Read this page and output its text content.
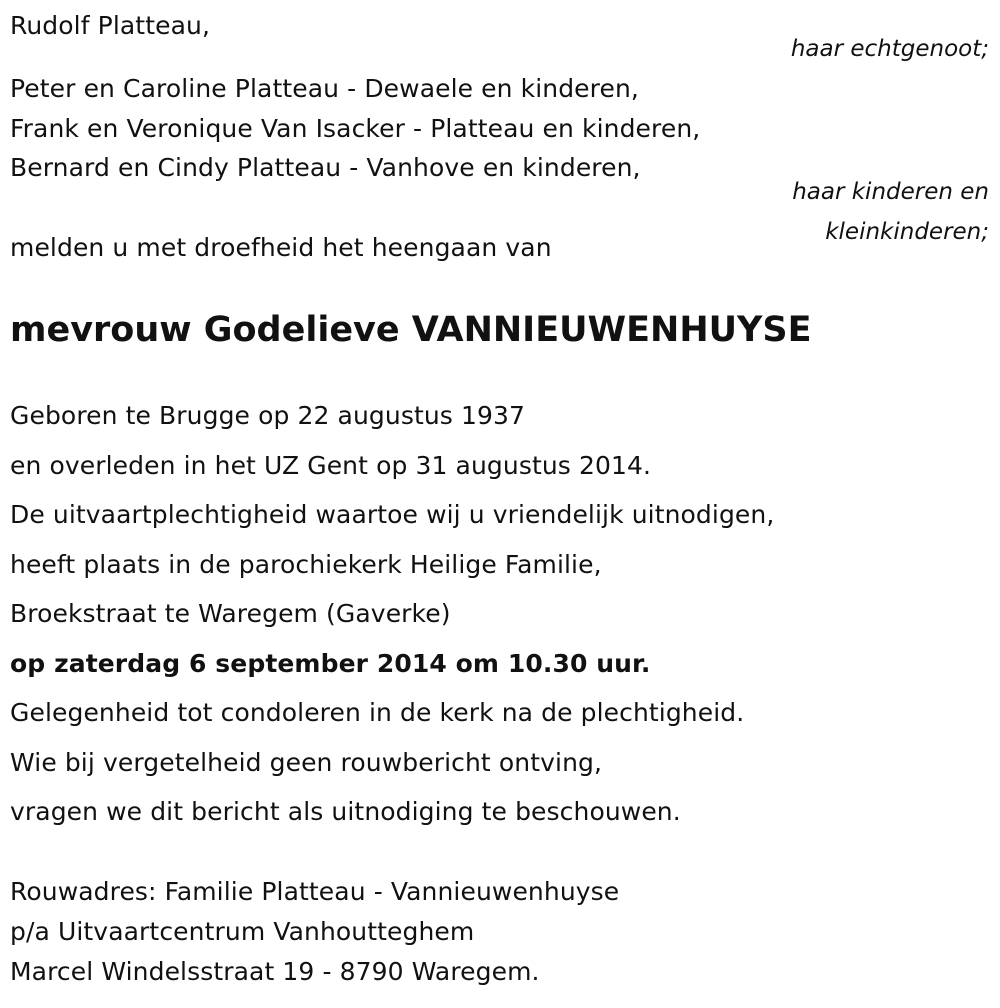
Rudolf Platteau,
haar echtgenoot;
Peter en Caroline Platteau - Dewaele en kinderen,
Frank en Veronique Van Isacker - Platteau en kinderen,
Bernard en Cindy Platteau - Vanhove en kinderen,
haar kinderen en
kleinkinderen;
melden u met droefheid het heengaan van
mevrouw Godelieve VANNIEUWENHUYSE
Geboren te Brugge op 22 augustus 1937
en overleden in het UZ Gent op 31 augustus 2014.
De uitvaartplechtigheid waartoe wij u vriendelijk uitnodigen,
heeft plaats in de parochiekerk Heilige Familie,
Broekstraat te Waregem (Gaverke)
op zaterdag 6 september 2014 om 10.30 uur.
Gelegenheid tot condoleren in de kerk na de plechtigheid.
Wie bij vergetelheid geen rouwbericht ontving,
vragen we dit bericht als uitnodiging te beschouwen.
Rouwadres: Familie Platteau - Vannieuwenhuyse
p/a Uitvaartcentrum Vanhoutteghem
Marcel Windelsstraat 19 - 8790 Waregem.
